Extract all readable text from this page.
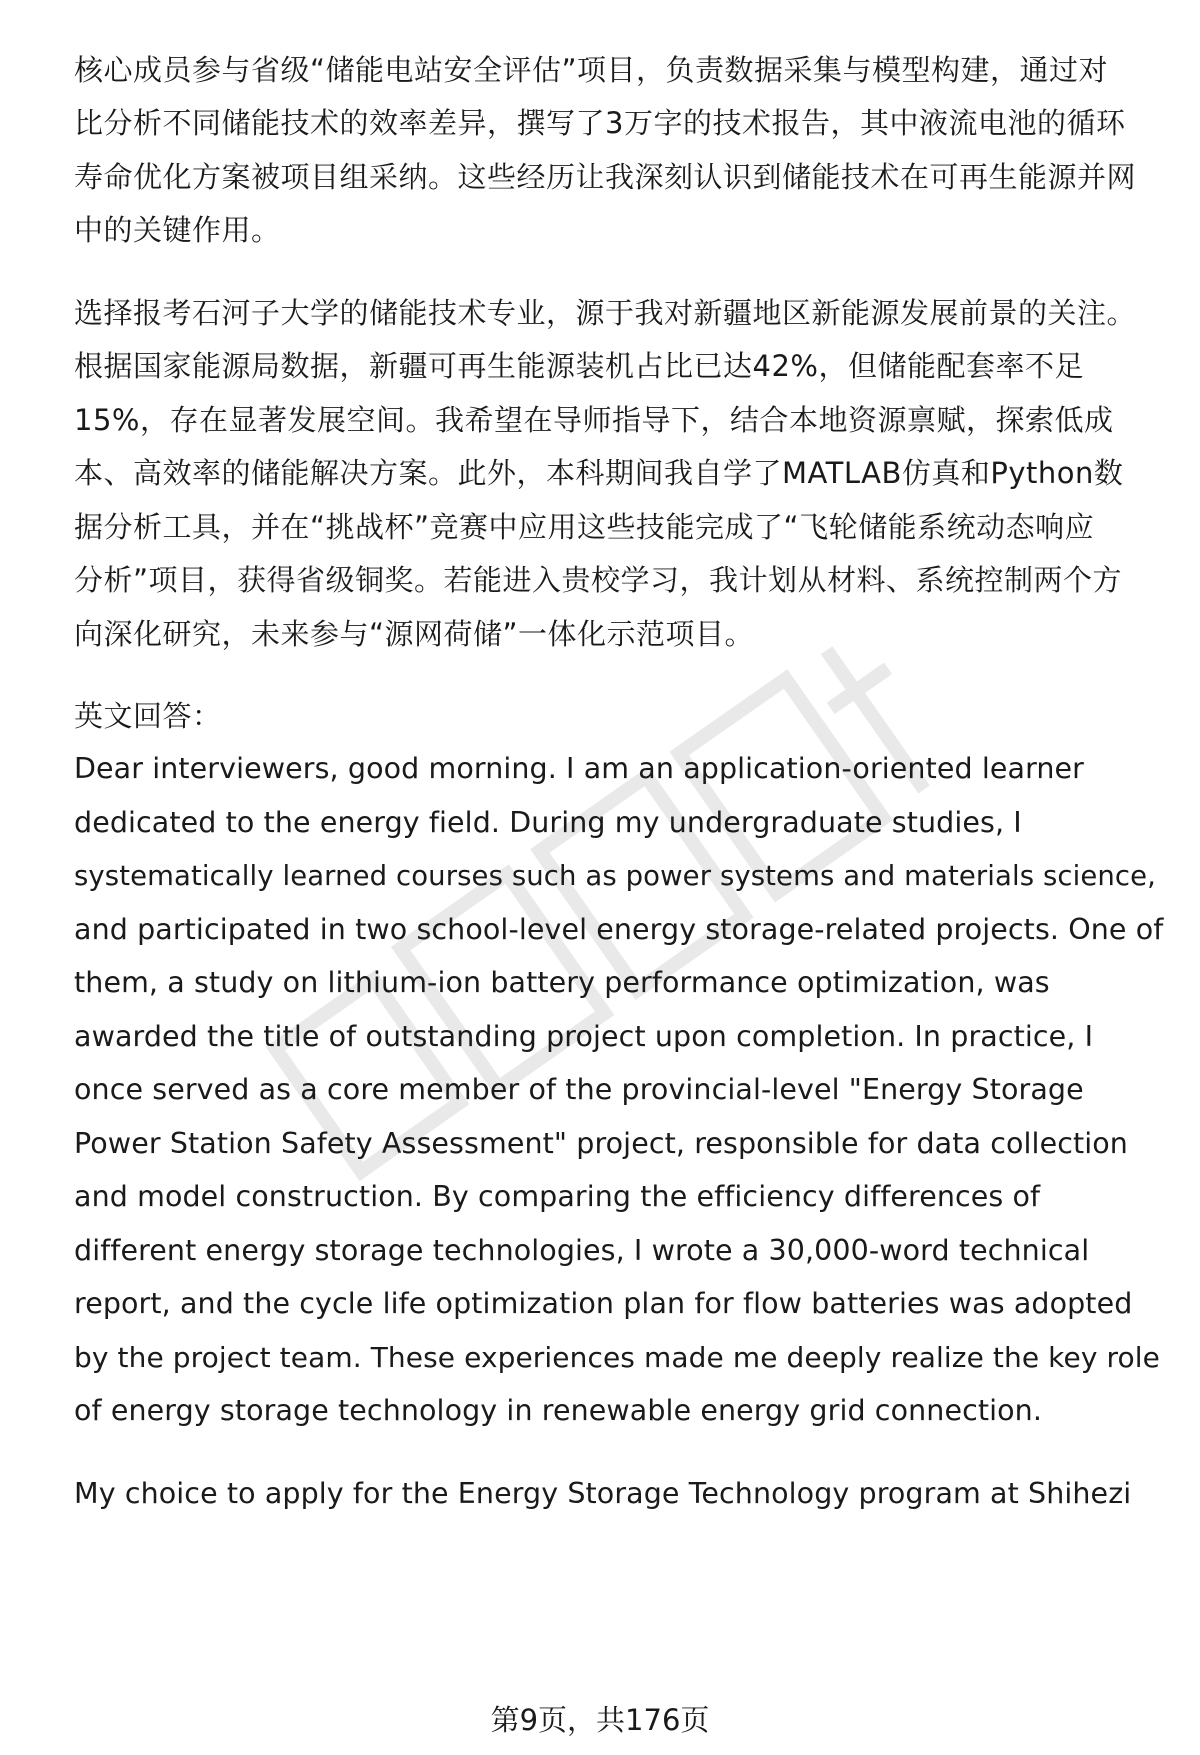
核心成员参与省级“储能电站安全评估”项目，负责数据采集与模型构建，通过对
比分析不同储能技术的效率差异，撰写了3万字的技术报告，其中液流电池的循环
寿命优化方案被项目组采纳。这些经历让我深刻认识到储能技术在可再生能源并网
中的关键作用。
选择报考石河子大学的储能技术专业，源于我对新疆地区新能源发展前景的关注。
根据国家能源局数据，新疆可再生能源装机占比已达42%，但储能配套率不足
15%，存在显著发展空间。我希望在导师指导下，结合本地资源禀赋，探索低成
本、高效率的储能解决方案。此外，本科期间我自学了MATLAB仿真和Python数
据分析工具，并在“挑战杯”竞赛中应用这些技能完成了“飞轮储能系统动态响应
分析”项目，获得省级铜奖。若能进入贵校学习，我计划从材料、系统控制两个方
向深化研究，未来参与“源网荷储”一体化示范项目。
英文回答：
Dear interviewers, good morning. I am an application-oriented learner
dedicated to the energy field. During my undergraduate studies, I
systematically learned courses such as power systems and materials science,
and participated in two school-level energy storage-related projects. One of
them, a study on lithium-ion battery performance optimization, was
awarded the title of outstanding project upon completion. In practice, I
once served as a core member of the provincial-level "Energy Storage
Power Station Safety Assessment" project, responsible for data collection
and model construction. By comparing the efficiency differences of
different energy storage technologies, I wrote a 30,000-word technical
report, and the cycle life optimization plan for flow batteries was adopted
by the project team. These experiences made me deeply realize the key role
of energy storage technology in renewable energy grid connection.
My choice to apply for the Energy Storage Technology program at Shihezi
第9页，共176页
